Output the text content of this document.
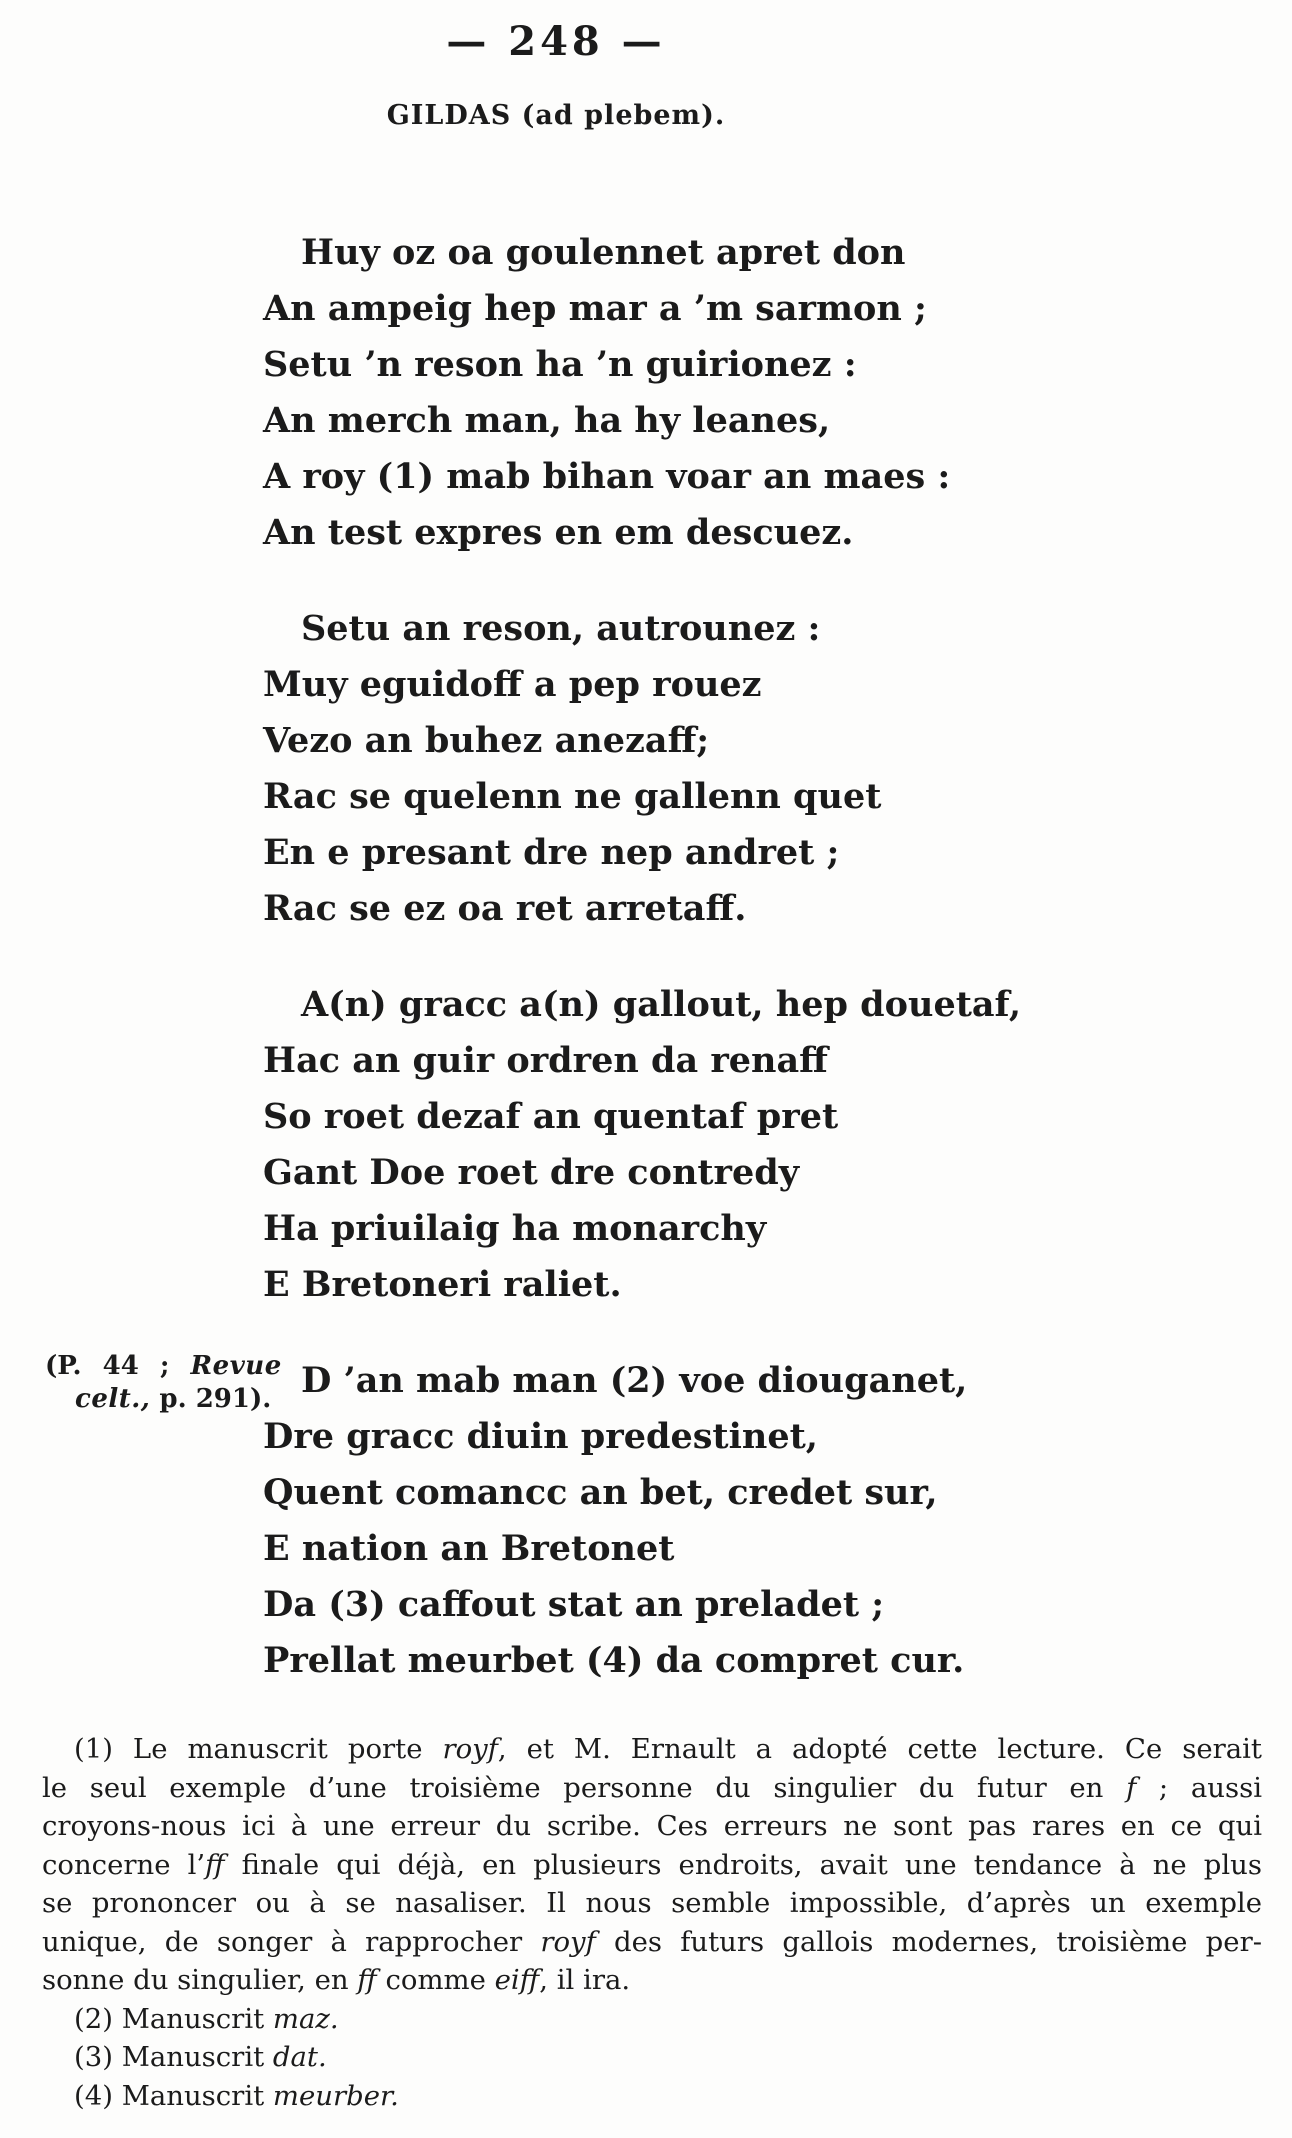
— 248 —
GILDAS (ad plebem).
Huy oz oa goulennet apret don
An ampeig hep mar a ’m sarmon ;
Setu ’n reson ha ’n guirionez :
An merch man, ha hy leanes,
A roy (1) mab bihan voar an maes :
An test expres en em descuez.
Setu an reson, autrounez :
Muy eguidoff a pep rouez
Vezo an buhez anezaff;
Rac se quelenn ne gallenn quet
En e presant dre nep andret ;
Rac se ez oa ret arretaff.
A(n) gracc a(n) gallout, hep douetaf,
Hac an guir ordren da renaff
So roet dezaf an quentaf pret
Gant Doe roet dre contredy
Ha priuilaig ha monarchy
E Bretoneri raliet.
D ’an mab man (2) voe diouganet,
Dre gracc diuin predestinet,
Quent comancc an bet, credet sur,
E nation an Bretonet
Da (3) caffout stat an preladet ;
Prellat meurbet (4) da compret cur.
(P. 44 ; Revue
celt., p. 291).
(1) Le manuscrit porte royf, et M. Ernault a adopté cette lecture. Ce serait
le seul exemple d’une troisième personne du singulier du futur en f ; aussi
croyons-nous ici à une erreur du scribe. Ces erreurs ne sont pas rares en ce qui
concerne l’ff finale qui déjà, en plusieurs endroits, avait une tendance à ne plus
se prononcer ou à se nasaliser. Il nous semble impossible, d’après un exemple
unique, de songer à rapprocher royf des futurs gallois modernes, troisième per-
sonne du singulier, en ff comme eiff, il ira.
(2) Manuscrit maz.
(3) Manuscrit dat.
(4) Manuscrit meurber.
